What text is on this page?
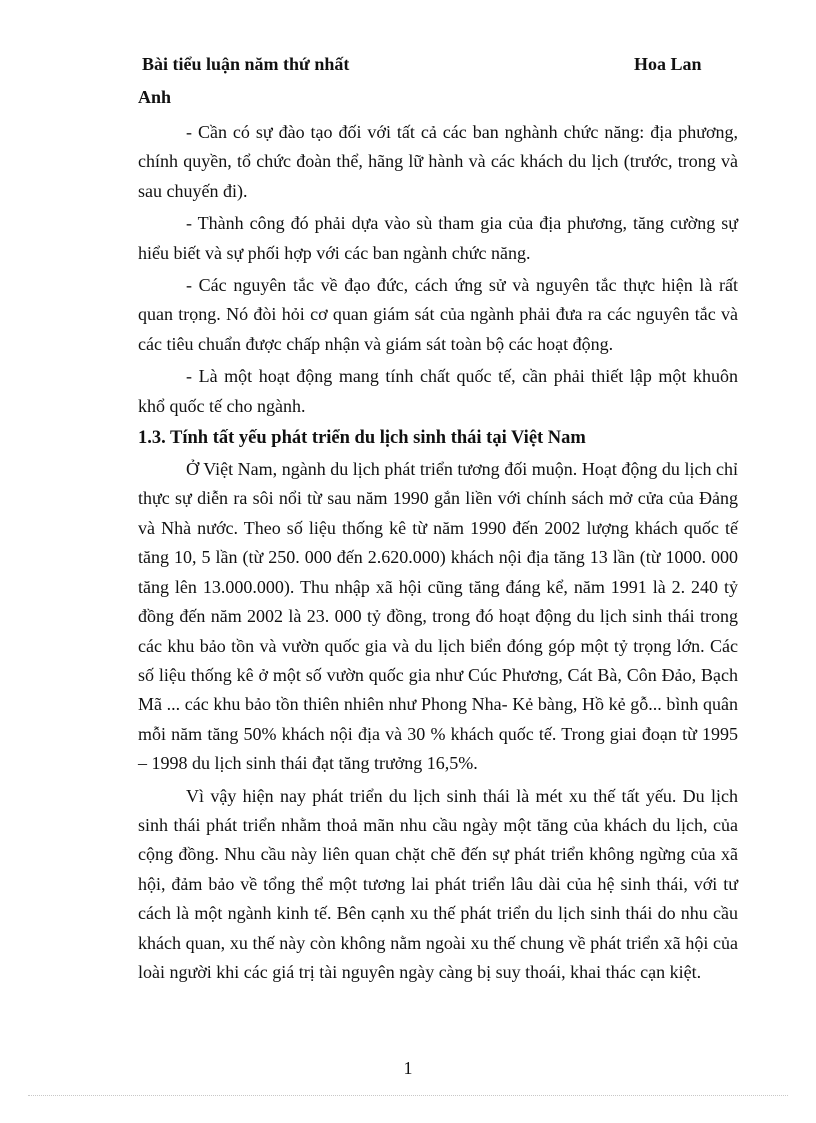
Bài tiểu luận năm thứ nhất	Hoa Lan
Anh

- Cần có sự đào tạo đối với tất cả các ban nghành chức năng: địa phương, chính quyền, tổ chức đoàn thể, hãng lữ hành và các khách du lịch (trước, trong và sau chuyến đi).

- Thành công đó phải dựa vào sù tham gia của địa phương, tăng cường sự hiểu biết và sự phối hợp với các ban ngành chức năng.

- Các nguyên tắc về đạo đức, cách ứng sử và nguyên tắc thực hiện là rất quan trọng. Nó đòi hỏi cơ quan giám sát của ngành phải đưa ra các nguyên tắc và các tiêu chuẩn được chấp nhận và giám sát toàn bộ các hoạt động.

- Là một hoạt động mang tính chất quốc tế, cần phải thiết lập một khuôn khổ quốc tế cho ngành.

1.3. Tính tất yếu phát triển du lịch sinh thái tại Việt Nam

Ở Việt Nam, ngành du lịch phát triển tương đối muộn. Hoạt động du lịch chỉ thực sự diễn ra sôi nổi từ sau năm 1990 gắn liền với chính sách mở cửa của Đảng và Nhà nước. Theo số liệu thống kê từ năm 1990 đến 2002 lượng khách quốc tế tăng 10, 5 lần (từ 250. 000 đến 2.620.000) khách nội địa tăng 13 lần (từ 1000. 000 tăng lên 13.000.000). Thu nhập xã hội cũng tăng đáng kể, năm 1991 là 2. 240 tỷ đồng đến năm 2002 là 23. 000 tỷ đồng, trong đó hoạt động du lịch sinh thái trong các khu bảo tồn và vườn quốc gia và du lịch biển đóng góp một tỷ trọng lớn. Các số liệu thống kê ở một số vườn quốc gia như Cúc Phương, Cát Bà, Côn Đảo, Bạch Mã ... các khu bảo tồn thiên nhiên như Phong Nha- Kẻ bàng, Hồ kẻ gỗ... bình quân mỗi năm tăng 50% khách nội địa và 30 % khách quốc tế. Trong giai đoạn từ 1995 – 1998 du lịch sinh thái đạt tăng trưởng 16,5%.

Vì vậy hiện nay phát triển du lịch sinh thái là mét xu thế tất yếu. Du lịch sinh thái phát triển nhằm thoả mãn nhu cầu ngày một tăng của khách du lịch, của cộng đồng. Nhu cầu này liên quan chặt chẽ đến sự phát triển không ngừng của xã hội, đảm bảo về tổng thể một tương lai phát triển lâu dài của hệ sinh thái, với tư cách là một ngành kinh tế. Bên cạnh xu thế phát triển du lịch sinh thái do nhu cầu khách quan, xu thế này còn không nằm ngoài xu thế chung về phát triển xã hội của loài người khi các giá trị tài nguyên ngày càng bị suy thoái, khai thác cạn kiệt.

1
